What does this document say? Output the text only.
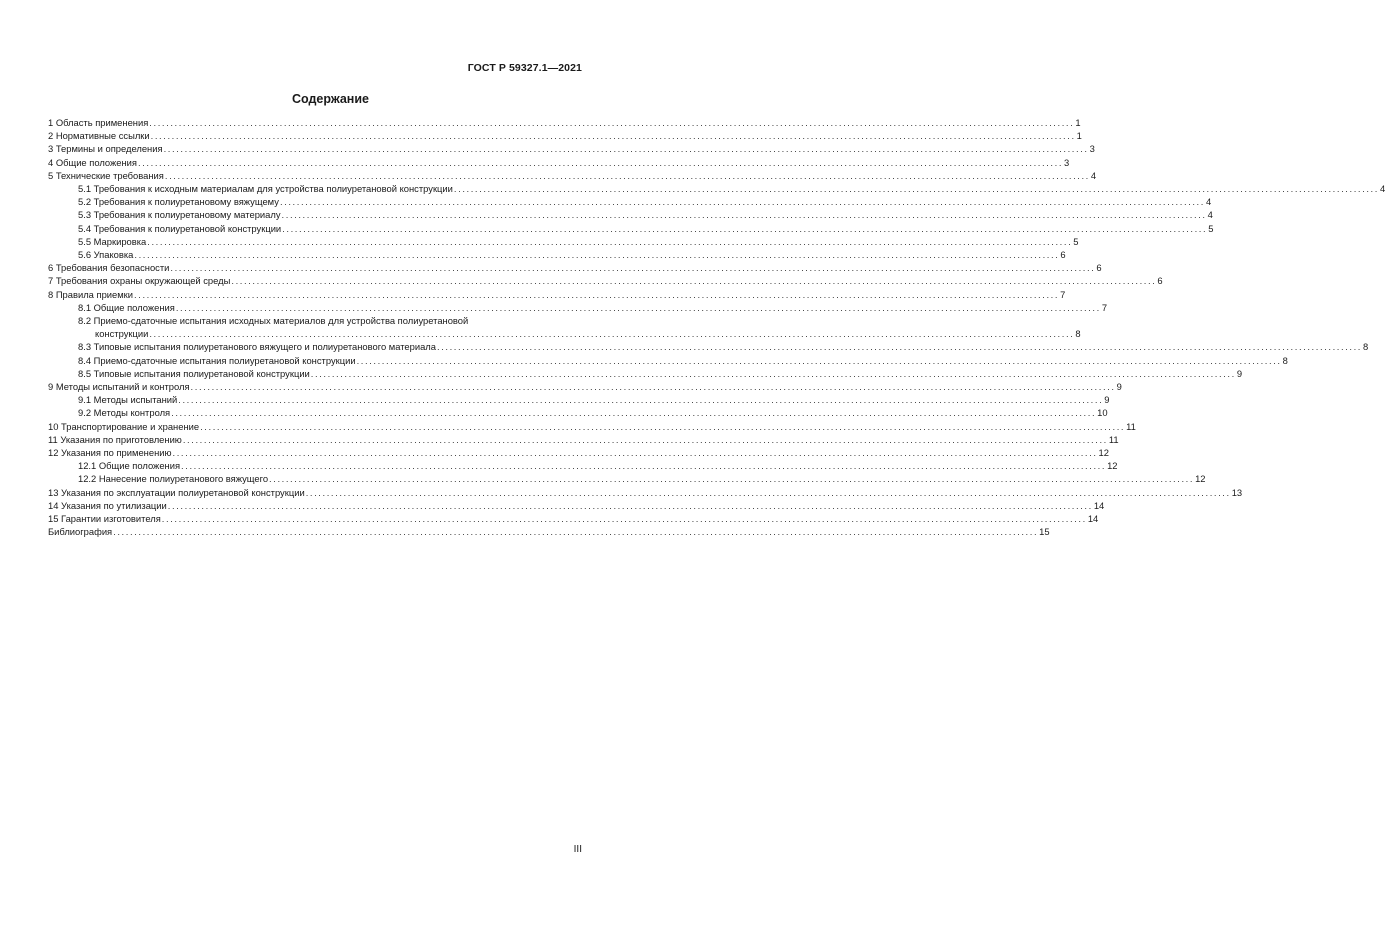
ГОСТ Р 59327.1—2021
Содержание
1 Область применения ............................................................................................................................................................................................................................ 1
2 Нормативные ссылки ............................................................................................................................................................................................................................ 1
3 Термины и определения ............................................................................................................................................................................................................................ 3
4 Общие положения ............................................................................................................................................................................................................................ 3
5 Технические требования ............................................................................................................................................................................................................................ 4
5.1 Требования к исходным материалам для устройства полиуретановой конструкции ............................................................................................................................................................................................................................ 4
5.2 Требования к полиуретановому вяжущему ............................................................................................................................................................................................................................ 4
5.3 Требования к полиуретановому материалу ............................................................................................................................................................................................................................ 4
5.4 Требования к полиуретановой конструкции ............................................................................................................................................................................................................................ 5
5.5 Маркировка ............................................................................................................................................................................................................................ 5
5.6 Упаковка ............................................................................................................................................................................................................................ 6
6 Требования безопасности ............................................................................................................................................................................................................................ 6
7 Требования охраны окружающей среды ............................................................................................................................................................................................................................ 6
8 Правила приемки ............................................................................................................................................................................................................................ 7
8.1 Общие положения ............................................................................................................................................................................................................................ 7
8.2 Приемо-сдаточные испытания исходных материалов для устройства полиуретановой
конструкции ............................................................................................................................................................................................................................ 8
8.3 Типовые испытания полиуретанового вяжущего и полиуретанового материала ............................................................................................................................................................................................................................ 8
8.4 Приемо-сдаточные испытания полиуретановой конструкции ............................................................................................................................................................................................................................ 8
8.5 Типовые испытания полиуретановой конструкции ............................................................................................................................................................................................................................ 9
9 Методы испытаний и контроля ............................................................................................................................................................................................................................ 9
9.1 Методы испытаний ............................................................................................................................................................................................................................ 9
9.2 Методы контроля ............................................................................................................................................................................................................................ 10
10 Транспортирование и хранение ............................................................................................................................................................................................................................ 11
11 Указания по приготовлению ............................................................................................................................................................................................................................ 11
12 Указания по применению ............................................................................................................................................................................................................................ 12
12.1 Общие положения ............................................................................................................................................................................................................................ 12
12.2 Нанесение полиуретанового вяжущего ............................................................................................................................................................................................................................ 12
13 Указания по эксплуатации полиуретановой конструкции ............................................................................................................................................................................................................................ 13
14 Указания по утилизации ............................................................................................................................................................................................................................ 14
15 Гарантии изготовителя ............................................................................................................................................................................................................................ 14
Библиография ............................................................................................................................................................................................................................ 15
III
